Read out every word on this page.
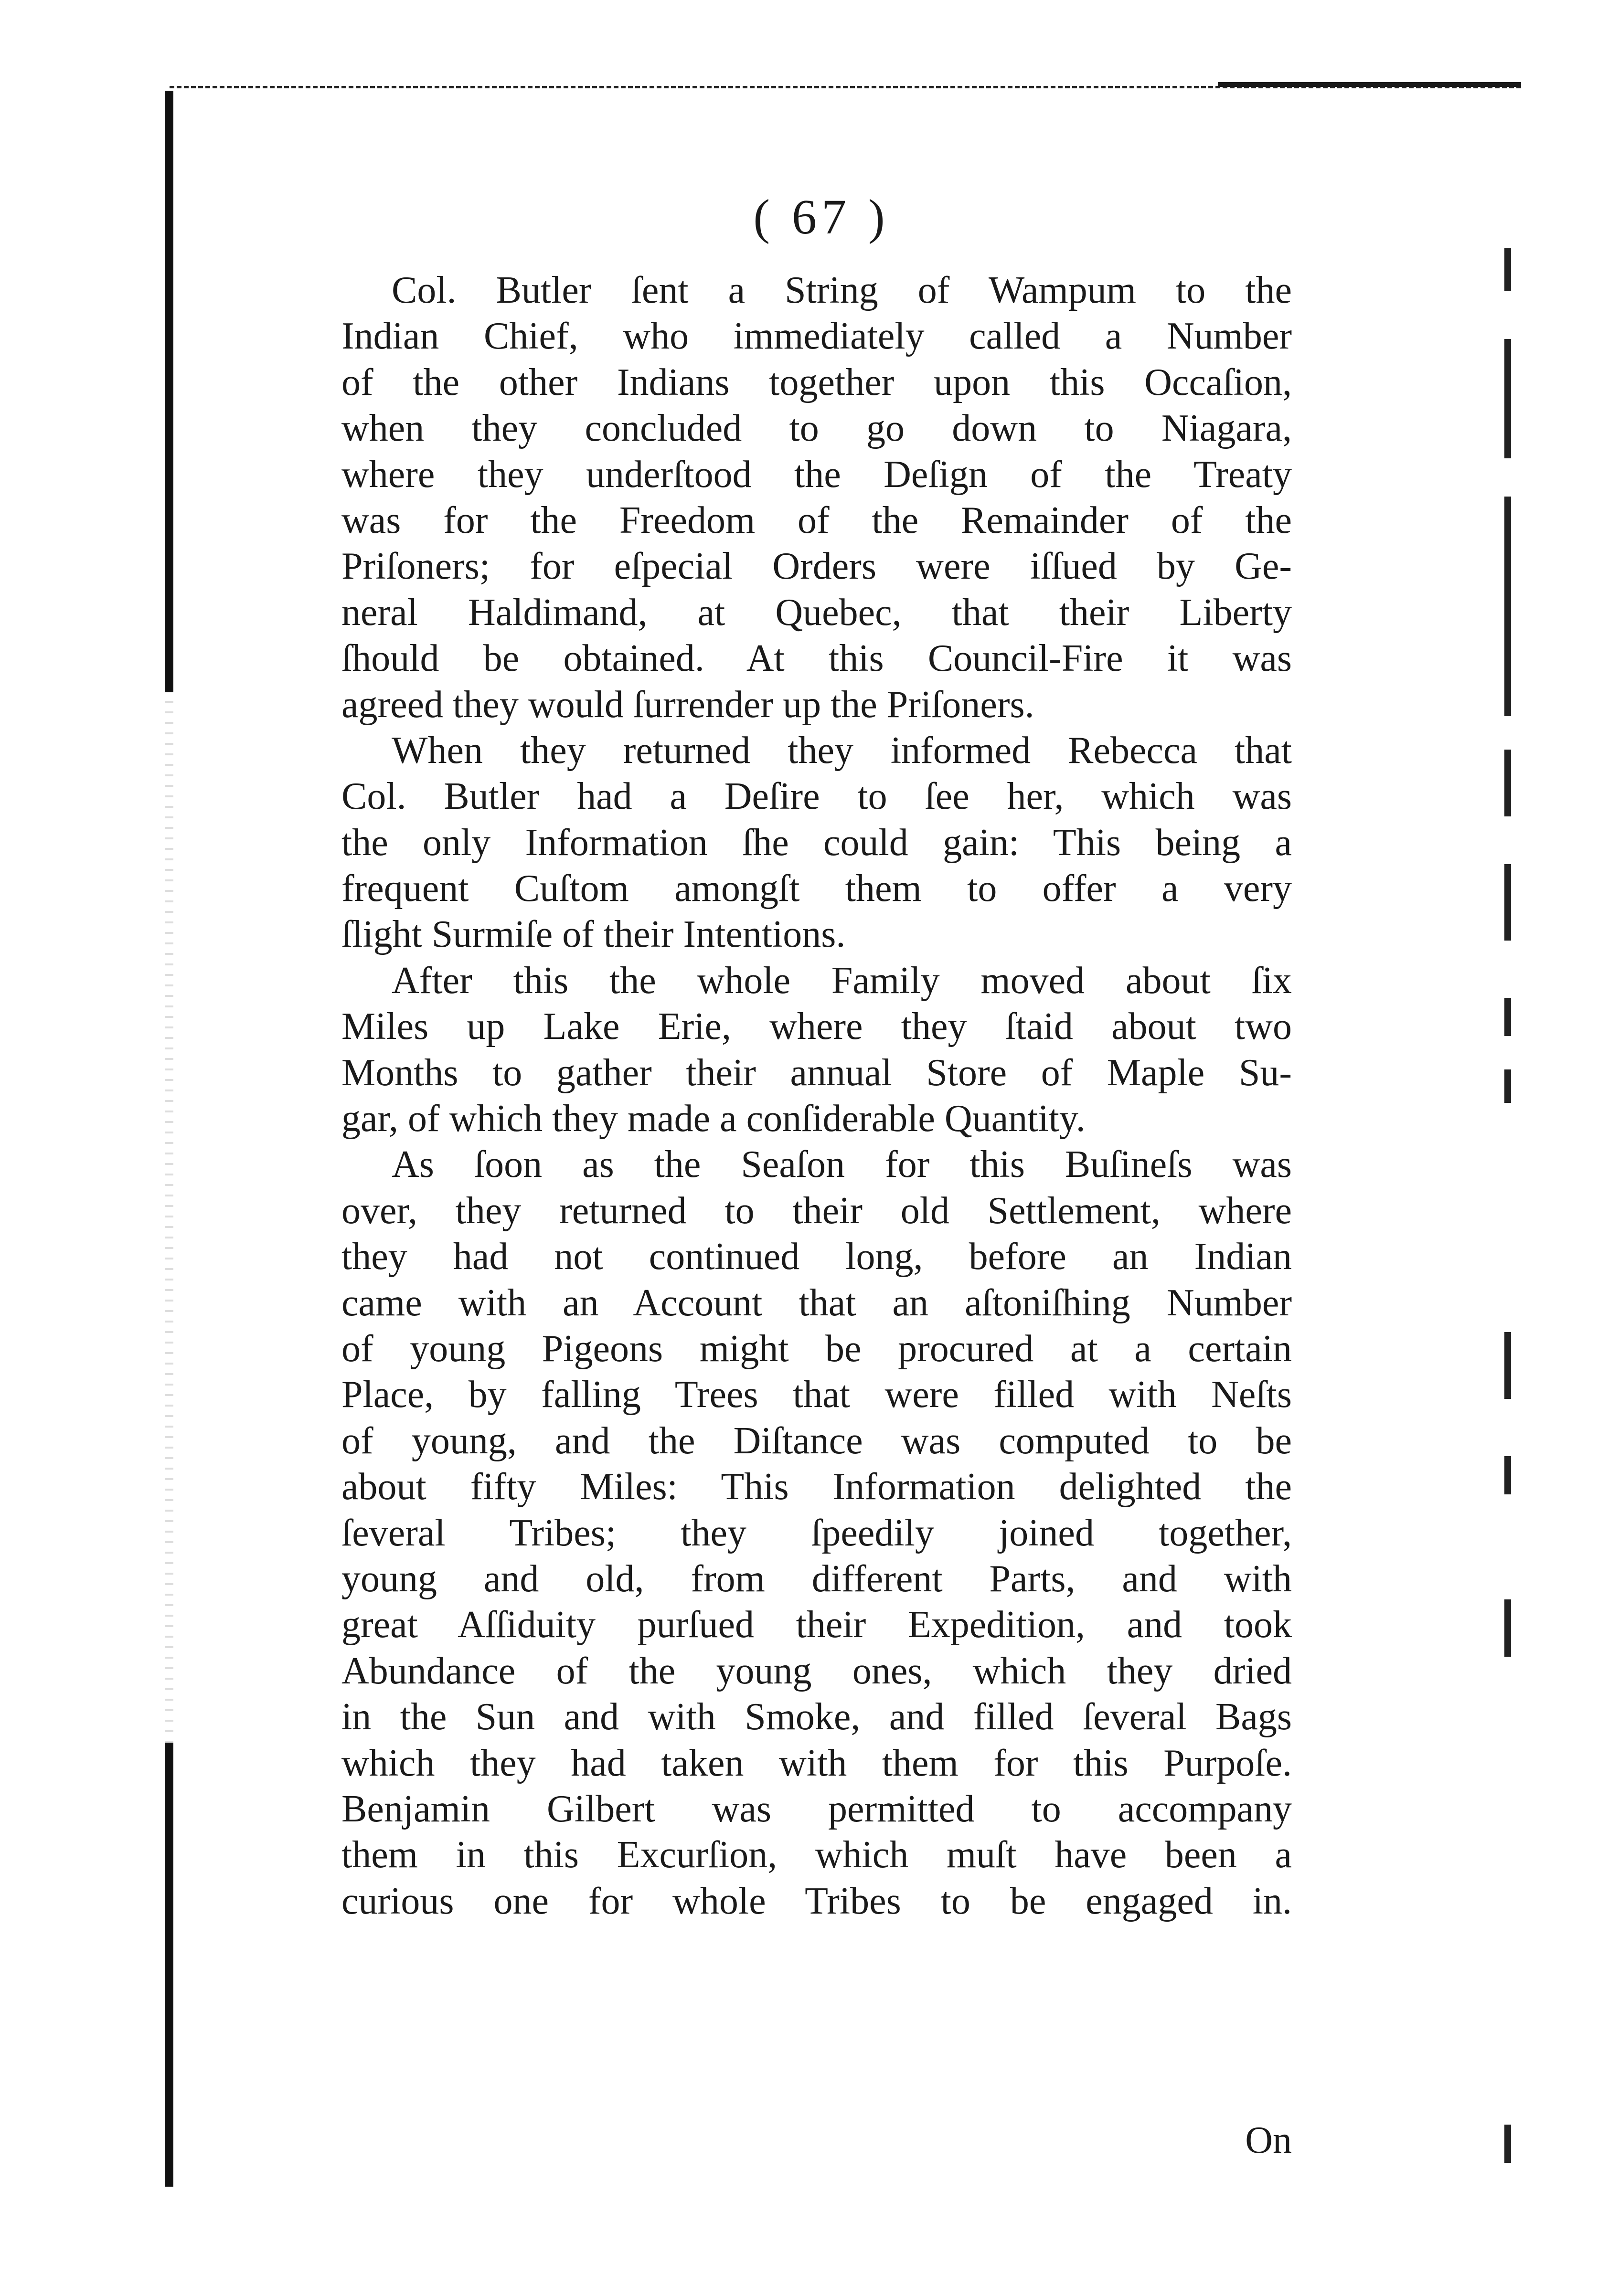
( 67 )
Col. Butler ſent a String of Wampum to the
Indian Chief, who immediately called a Number
of the other Indians together upon this Occaſion,
when they concluded to go down to Niagara,
where they underſtood the Deſign of the Treaty
was for the Freedom of the Remainder of the
Priſoners; for eſpecial Orders were iſſued by Ge-
neral Haldimand, at Quebec, that their Liberty
ſhould be obtained. At this Council-Fire it was
agreed they would ſurrender up the Priſoners.
When they returned they informed Rebecca that
Col. Butler had a Deſire to ſee her, which was
the only Information ſhe could gain: This being a
frequent Cuſtom amongſt them to offer a very
ſlight Surmiſe of their Intentions.
After this the whole Family moved about ſix
Miles up Lake Erie, where they ſtaid about two
Months to gather their annual Store of Maple Su-
gar, of which they made a conſiderable Quantity.
As ſoon as the Seaſon for this Buſineſs was
over, they returned to their old Settlement, where
they had not continued long, before an Indian
came with an Account that an aſtoniſhing Number
of young Pigeons might be procured at a certain
Place, by falling Trees that were filled with Neſts
of young, and the Diſtance was computed to be
about fifty Miles: This Information delighted the
ſeveral Tribes; they ſpeedily joined together,
young and old, from different Parts, and with
great Aſſiduity purſued their Expedition, and took
Abundance of the young ones, which they dried
in the Sun and with Smoke, and filled ſeveral Bags
which they had taken with them for this Purpoſe.
Benjamin Gilbert was permitted to accompany
them in this Excurſion, which muſt have been a
curious one for whole Tribes to be engaged in.
On
